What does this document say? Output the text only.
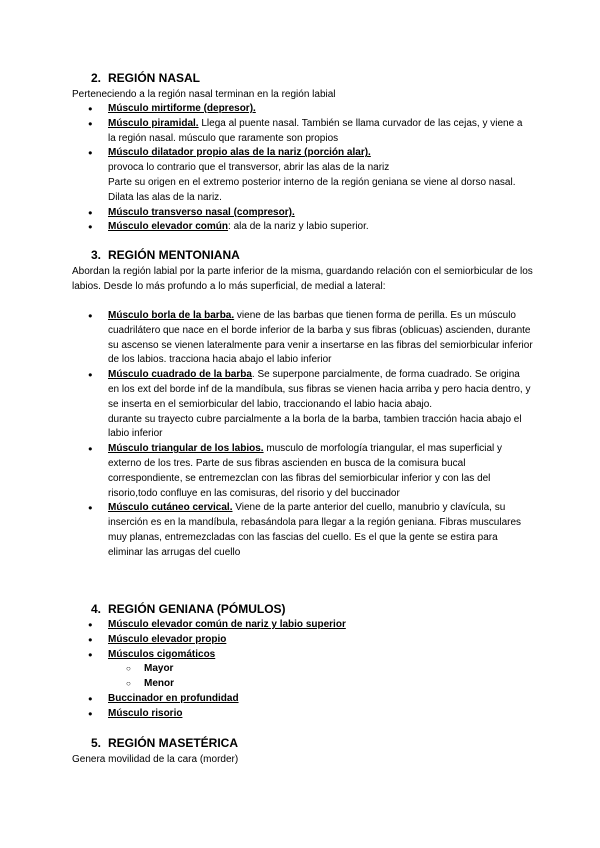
2. REGIÓN NASAL

Perteneciendo a la región nasal terminan en la región labial

● Músculo mirtiforme (depresor).
● Músculo piramidal. Llega al puente nasal. También se llama curvador de las cejas, y viene a la región nasal. músculo que raramente son propios
● Músculo dilatador propio alas de la nariz (porción alar).
provoca lo contrario que el transversor, abrir las alas de la nariz
Parte su origen en el extremo posterior interno de la región geniana se viene al dorso nasal. Dilata las alas de la nariz.
● Músculo transverso nasal (compresor).
● Músculo elevador común: ala de la nariz y labio superior.
3. REGIÓN MENTONIANA

Abordan la región labial por la parte inferior de la misma, guardando relación con el semiorbicular de los labios. Desde lo más profundo a lo más superficial, de medial a lateral:

● Músculo borla de la barba. viene de las barbas que tienen forma de perilla. Es un músculo cuadrilátero que nace en el borde inferior de la barba y sus fibras (oblicuas) ascienden, durante su ascenso se vienen lateralmente para venir a insertarse en las fibras del semiorbicular inferior de los labios. tracciona hacia abajo el labio inferior
● Músculo cuadrado de la barba. Se superpone parcialmente, de forma cuadrado. Se origina en los ext del borde inf de la mandíbula, sus fibras se vienen hacia arriba y pero hacia dentro, y se inserta en el semiorbicular del labio, traccionando el labio hacia abajo.
durante su trayecto cubre parcialmente a la borla de la barba, tambien tracción hacia abajo el labio inferior
● Músculo triangular de los labios. musculo de morfología triangular, el mas superficial y externo de los tres. Parte de sus fibras ascienden en busca de la comisura bucal correspondiente, se entremezclan con las fibras del semiorbicular inferior y con las del risorio,todo confluye en las comisuras, del risorio y del buccinador
● Músculo cutáneo cervical. Viene de la parte anterior del cuello, manubrio y clavícula, su inserción es en la mandíbula, rebasándola para llegar a la región geniana. Fibras musculares muy planas, entremezcladas con las fascias del cuello. Es el que la gente se estira para eliminar las arrugas del cuello
4. REGIÓN GENIANA (PÓMULOS)
● Músculo elevador común de nariz y labio superior
● Músculo elevador propio
● Músculos cigomáticos
○ Mayor
○ Menor
● Buccinador en profundidad
● Músculo risorio
5. REGIÓN MASETÉRICA

Genera movilidad de la cara (morder)
